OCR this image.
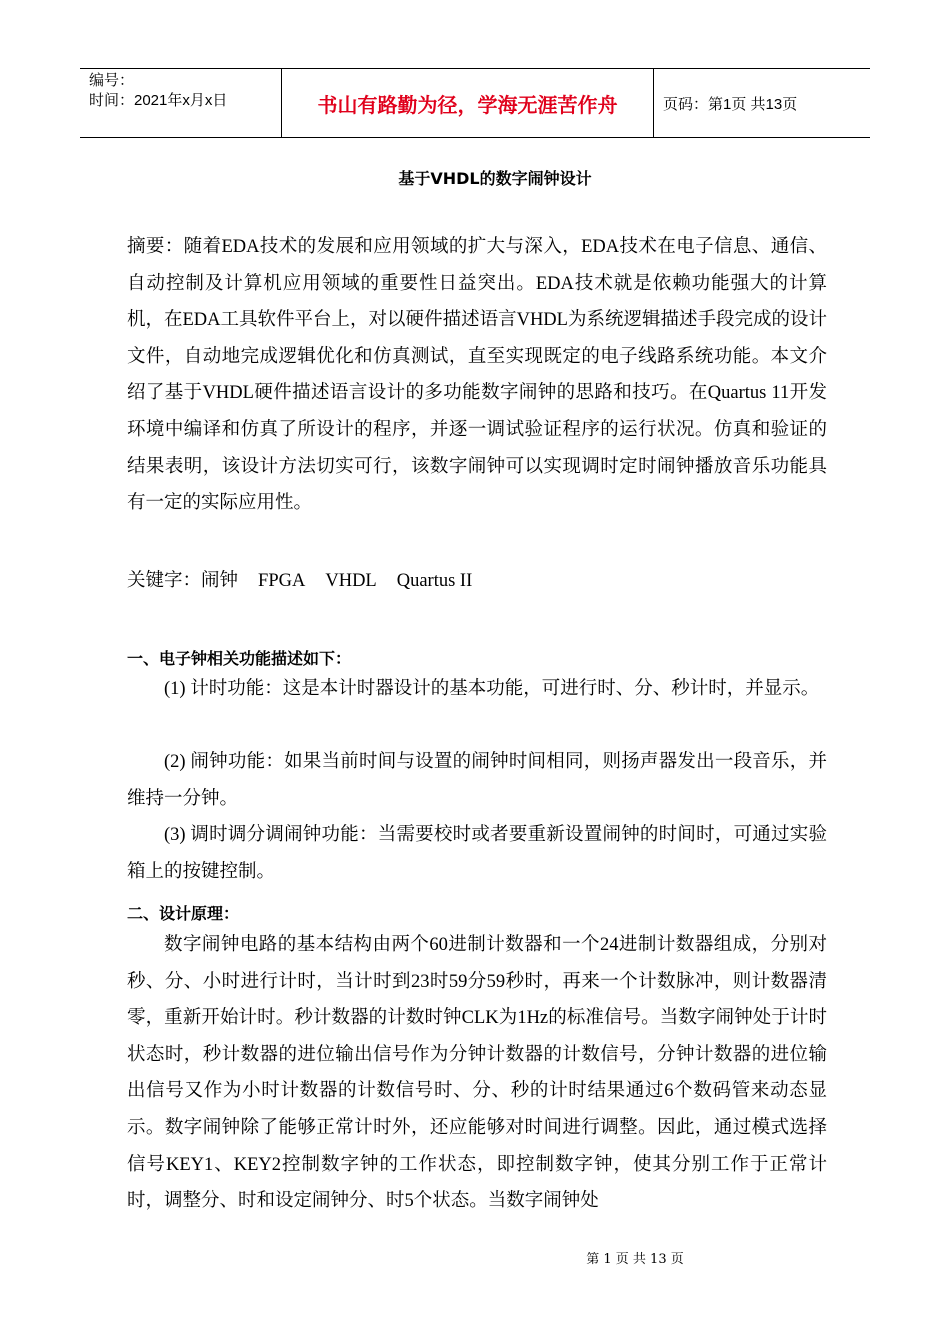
编号：
时间：2021年x月x日	书山有路勤为径，学海无涯苦作舟	页码：第1页 共13页
基于VHDL的数字闹钟设计
摘要：随着EDA技术的发展和应用领域的扩大与深入，EDA技术在电子信息、通信、自动控制及计算机应用领域的重要性日益突出。EDA技术就是依赖功能强大的计算机，在EDA工具软件平台上，对以硬件描述语言VHDL为系统逻辑描述手段完成的设计文件，自动地完成逻辑优化和仿真测试，直至实现既定的电子线路系统功能。本文介绍了基于VHDL硬件描述语言设计的多功能数字闹钟的思路和技巧。在Quartus 11开发环境中编译和仿真了所设计的程序，并逐一调试验证程序的运行状况。仿真和验证的结果表明，该设计方法切实可行，该数字闹钟可以实现调时定时闹钟播放音乐功能具有一定的实际应用性。
关键字：闹钟 FPGA VHDL Quartus II
一、电子钟相关功能描述如下：
(1) 计时功能：这是本计时器设计的基本功能，可进行时、分、秒计时，并显示。
(2) 闹钟功能：如果当前时间与设置的闹钟时间相同，则扬声器发出一段音乐，并维持一分钟。
(3) 调时调分调闹钟功能：当需要校时或者要重新设置闹钟的时间时，可通过实验箱上的按键控制。
二、设计原理：
数字闹钟电路的基本结构由两个60进制计数器和一个24进制计数器组成，分别对秒、分、小时进行计时，当计时到23时59分59秒时，再来一个计数脉冲，则计数器清零，重新开始计时。秒计数器的计数时钟CLK为1Hz的标准信号。当数字闹钟处于计时状态时，秒计数器的进位输出信号作为分钟计数器的计数信号，分钟计数器的进位输出信号又作为小时计数器的计数信号时、分、秒的计时结果通过6个数码管来动态显示。数字闹钟除了能够正常计时外，还应能够对时间进行调整。因此，通过模式选择信号KEY1、KEY2控制数字钟的工作状态，即控制数字钟，使其分别工作于正常计时，调整分、时和设定闹钟分、时5个状态。当数字闹钟处
第 1 页 共 13 页
